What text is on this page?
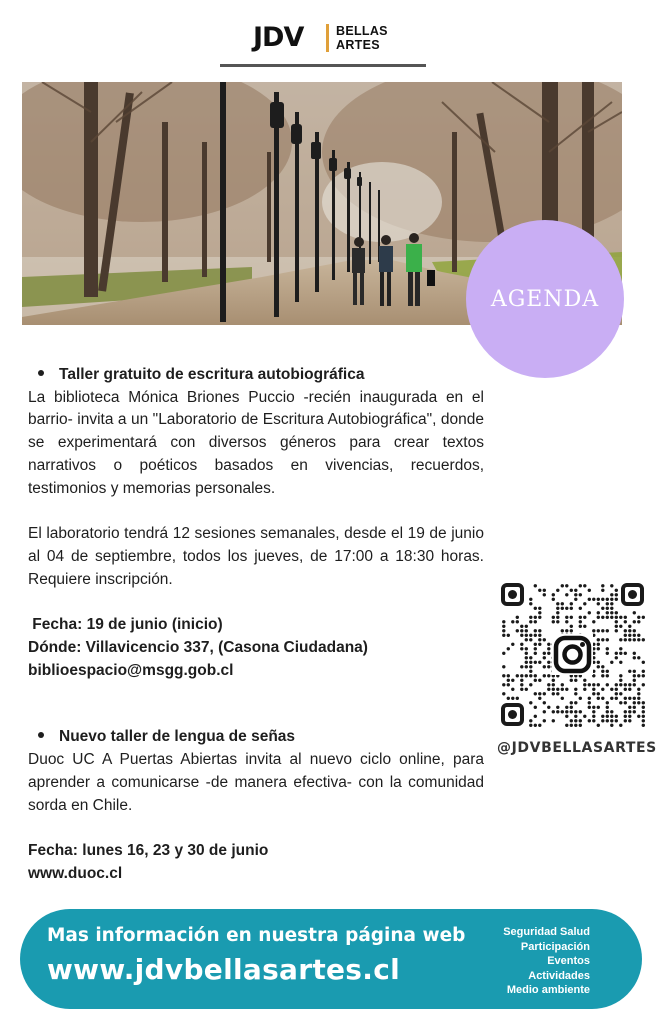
JDV	BELLAS
ARTES
AGENDA
Taller gratuito de escritura autobiográfica

La biblioteca Mónica Briones Puccio -recién inaugurada en el barrio- invita a un "Laboratorio de Escritura Autobiográfica", donde se experimentará con diversos géneros para crear textos narrativos o poéticos basados en vivencias, recuerdos, testimonios y memorias personales.

El laboratorio tendrá 12 sesiones semanales, desde el 19 de junio al 04 de septiembre, todos los jueves, de 17:00 a 18:30 horas. Requiere inscripción.

Fecha: 19 de junio (inicio)

Dónde: Villavicencio 337, (Casona Ciudadana)

biblioespacio@msgg.gob.cl

Nuevo taller de lengua de señas

Duoc UC A Puertas Abiertas invita al nuevo ciclo online, para aprender a comunicarse -de manera efectiva- con la comunidad sorda en Chile.

Fecha: lunes 16, 23 y 30 de junio

www.duoc.cl

@JDVBELLASARTES
Mas información en nuestra página web
www.jdvbellasartes.cl
Seguridad Salud
Participación
Eventos
Actividades
Medio ambiente
